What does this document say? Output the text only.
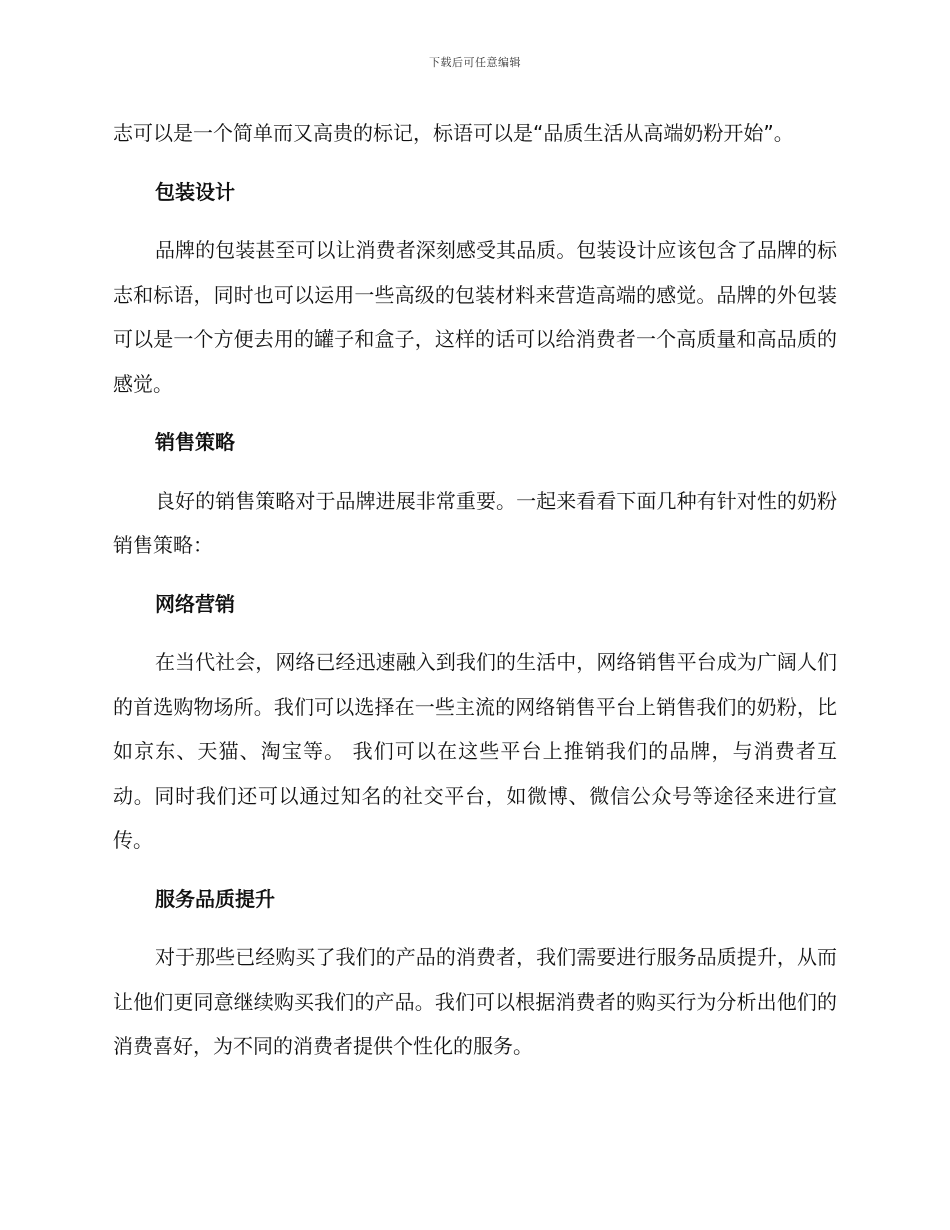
下载后可任意编辑

志可以是一个简单而又高贵的标记，标语可以是“品质生活从高端奶粉开始”。

包装设计

品牌的包装甚至可以让消费者深刻感受其品质。包装设计应该包含了品牌的标志和标语，同时也可以运用一些高级的包装材料来营造高端的感觉。品牌的外包装可以是一个方便去用的罐子和盒子，这样的话可以给消费者一个高质量和高品质的感觉。

销售策略

良好的销售策略对于品牌进展非常重要。一起来看看下面几种有针对性的奶粉销售策略：

网络营销

在当代社会，网络已经迅速融入到我们的生活中，网络销售平台成为广阔人们的首选购物场所。我们可以选择在一些主流的网络销售平台上销售我们的奶粉，比如京东、天猫、淘宝等。 我们可以在这些平台上推销我们的品牌，与消费者互动。同时我们还可以通过知名的社交平台，如微博、微信公众号等途径来进行宣传。

服务品质提升

对于那些已经购买了我们的产品的消费者，我们需要进行服务品质提升，从而让他们更同意继续购买我们的产品。我们可以根据消费者的购买行为分析出他们的消费喜好，为不同的消费者提供个性化的服务。
